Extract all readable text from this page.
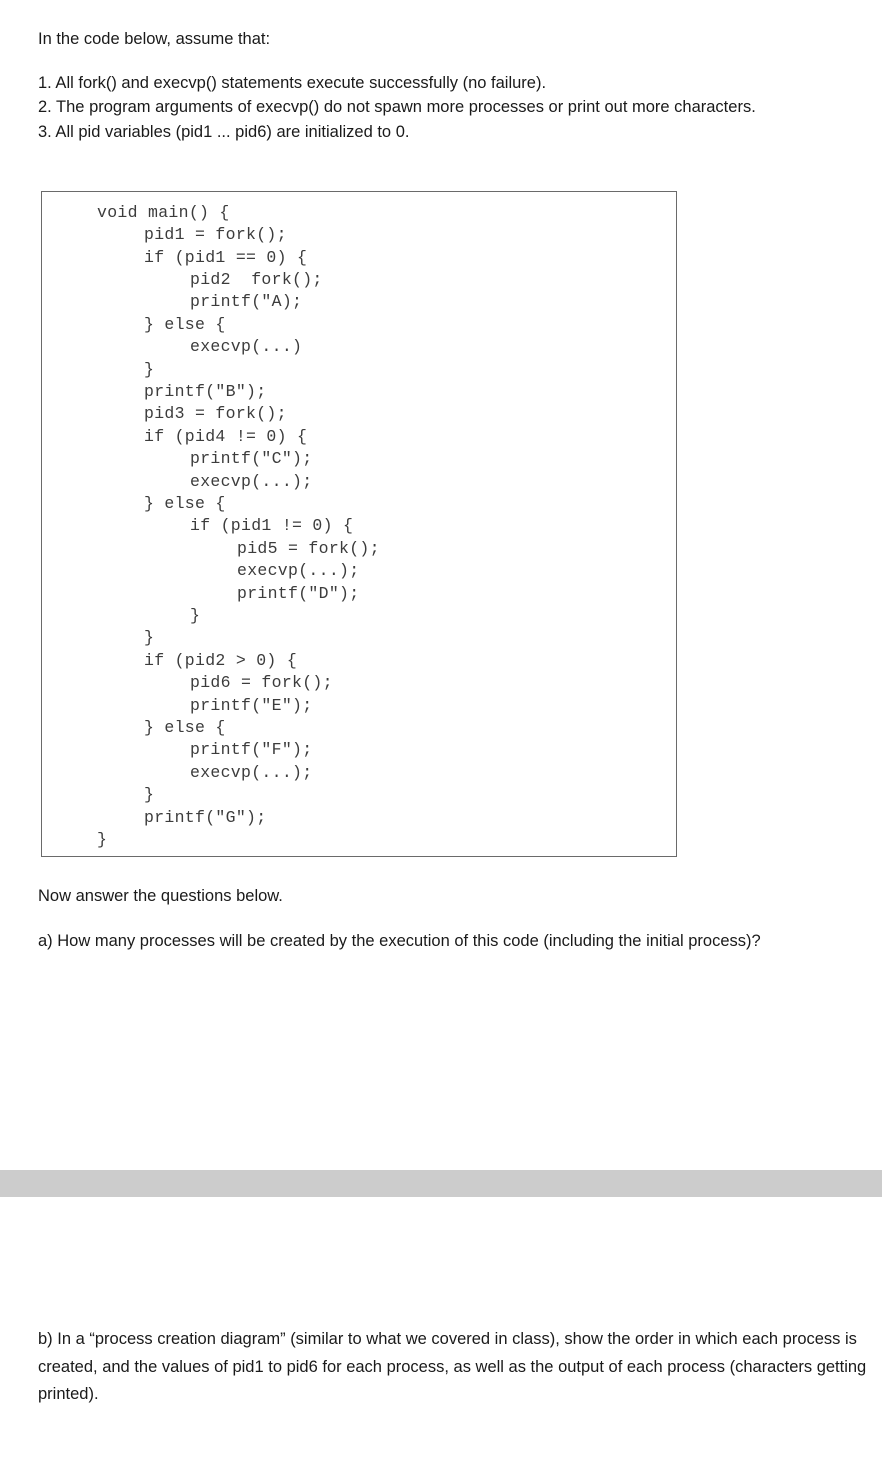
In the code below, assume that:
1. All fork() and execvp() statements execute successfully (no failure).
2. The program arguments of execvp() do not spawn more processes or print out more characters.
3. All pid variables (pid1 ... pid6) are initialized to 0.
void main() {
pid1 = fork();
if (pid1 == 0) {
pid2  fork();
printf("A);
} else {
execvp(...)
}
printf("B");
pid3 = fork();
if (pid4 != 0) {
printf("C");
execvp(...);
} else {
if (pid1 != 0) {
pid5 = fork();
execvp(...);
printf("D");
}
}
if (pid2 > 0) {
pid6 = fork();
printf("E");
} else {
printf("F");
execvp(...);
}
printf("G");
}
Now answer the questions below.
a) How many processes will be created by the execution of this code (including the initial process)?
b) In a “process creation diagram” (similar to what we covered in class), show the order in which each process is created, and the values of pid1 to pid6 for each process, as well as the output of each process (characters getting printed).
